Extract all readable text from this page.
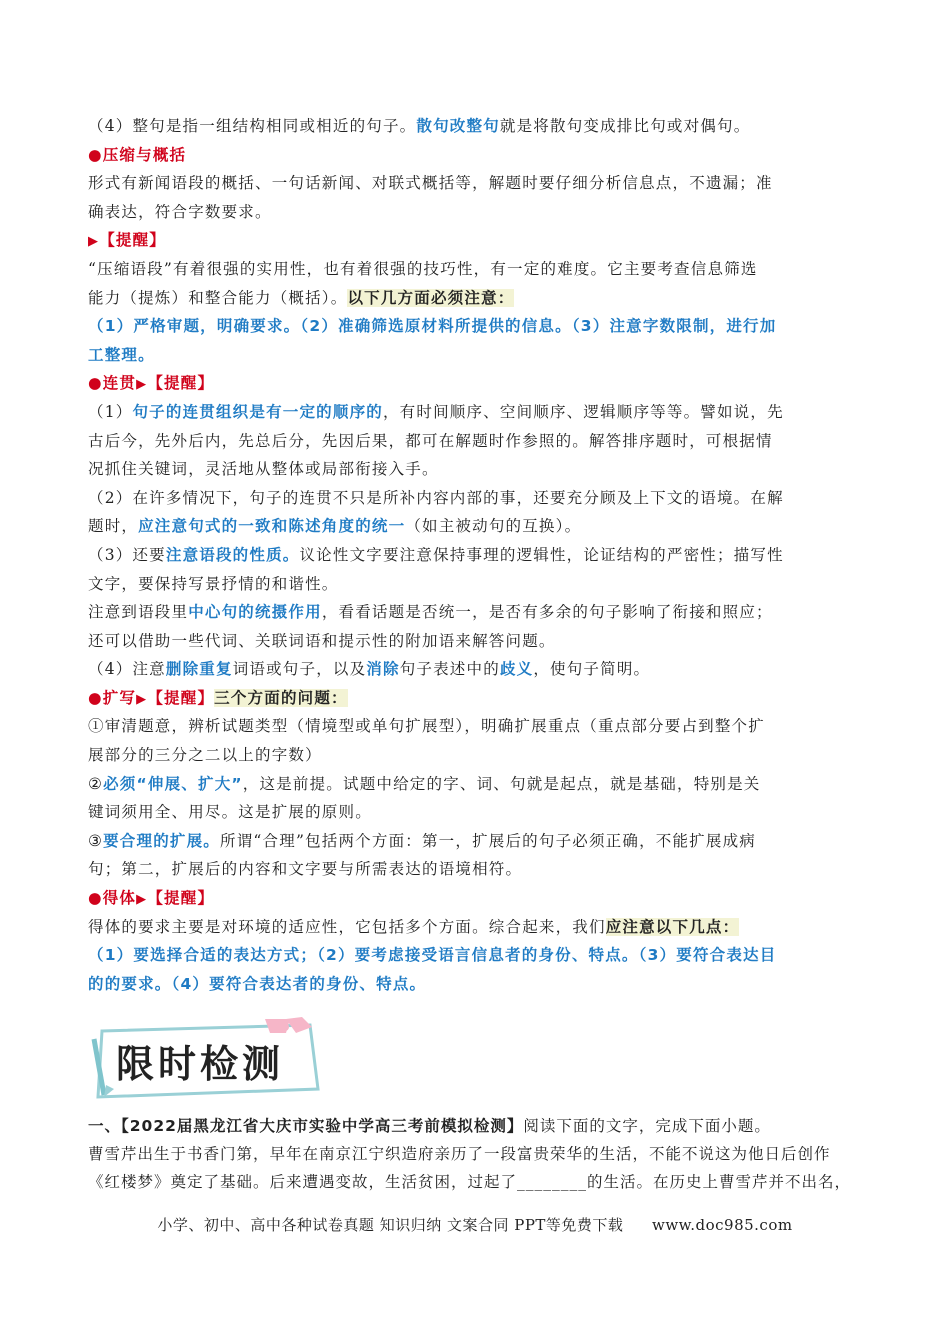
（4）整句是指一组结构相同或相近的句子。散句改整句就是将散句变成排比句或对偶句。
●压缩与概括
形式有新闻语段的概括、一句话新闻、对联式概括等，解题时要仔细分析信息点，不遗漏；准
确表达，符合字数要求。
▶【提醒】
“压缩语段”有着很强的实用性，也有着很强的技巧性，有一定的难度。它主要考查信息筛选
能力（提炼）和整合能力（概括）。以下几方面必须注意：
（1）严格审题，明确要求。（2）准确筛选原材料所提供的信息。（3）注意字数限制，进行加
工整理。
●连贯▶【提醒】
（1）句子的连贯组织是有一定的顺序的，有时间顺序、空间顺序、逻辑顺序等等。譬如说，先
古后今，先外后内，先总后分，先因后果，都可在解题时作参照的。解答排序题时，可根据情
况抓住关键词，灵活地从整体或局部衔接入手。
（2）在许多情况下，句子的连贯不只是所补内容内部的事，还要充分顾及上下文的语境。在解
题时，应注意句式的一致和陈述角度的统一（如主被动句的互换）。
（3）还要注意语段的性质。议论性文字要注意保持事理的逻辑性，论证结构的严密性；描写性
文字，要保持写景抒情的和谐性。
注意到语段里中心句的统摄作用，看看话题是否统一，是否有多余的句子影响了衔接和照应；
还可以借助一些代词、关联词语和提示性的附加语来解答问题。
（4）注意删除重复词语或句子，以及消除句子表述中的歧义，使句子简明。
●扩写▶【提醒】三个方面的问题：
①审清题意，辨析试题类型（情境型或单句扩展型），明确扩展重点（重点部分要占到整个扩
展部分的三分之二以上的字数）
②必须“伸展、扩大”，这是前提。试题中给定的字、词、句就是起点，就是基础，特别是关
键词须用全、用尽。这是扩展的原则。
③要合理的扩展。所谓“合理”包括两个方面：第一，扩展后的句子必须正确，不能扩展成病
句；第二，扩展后的内容和文字要与所需表达的语境相符。
●得体▶【提醒】
得体的要求主要是对环境的适应性，它包括多个方面。综合起来，我们应注意以下几点：
（1）要选择合适的表达方式；（2）要考虑接受语言信息者的身份、特点。（3）要符合表达目
的的要求。（4）要符合表达者的身份、特点。
限时检测
一、【2022届黑龙江省大庆市实验中学高三考前模拟检测】阅读下面的文字，完成下面小题。
曹雪芹出生于书香门第，早年在南京江宁织造府亲历了一段富贵荣华的生活，不能不说这为他日后创作
《红楼梦》奠定了基础。后来遭遇变故，生活贫困，过起了________的生活。在历史上曹雪芹并不出名，
小学、初中、高中各种试卷真题 知识归纳 文案合同 PPT等免费下载 www.doc985.com
